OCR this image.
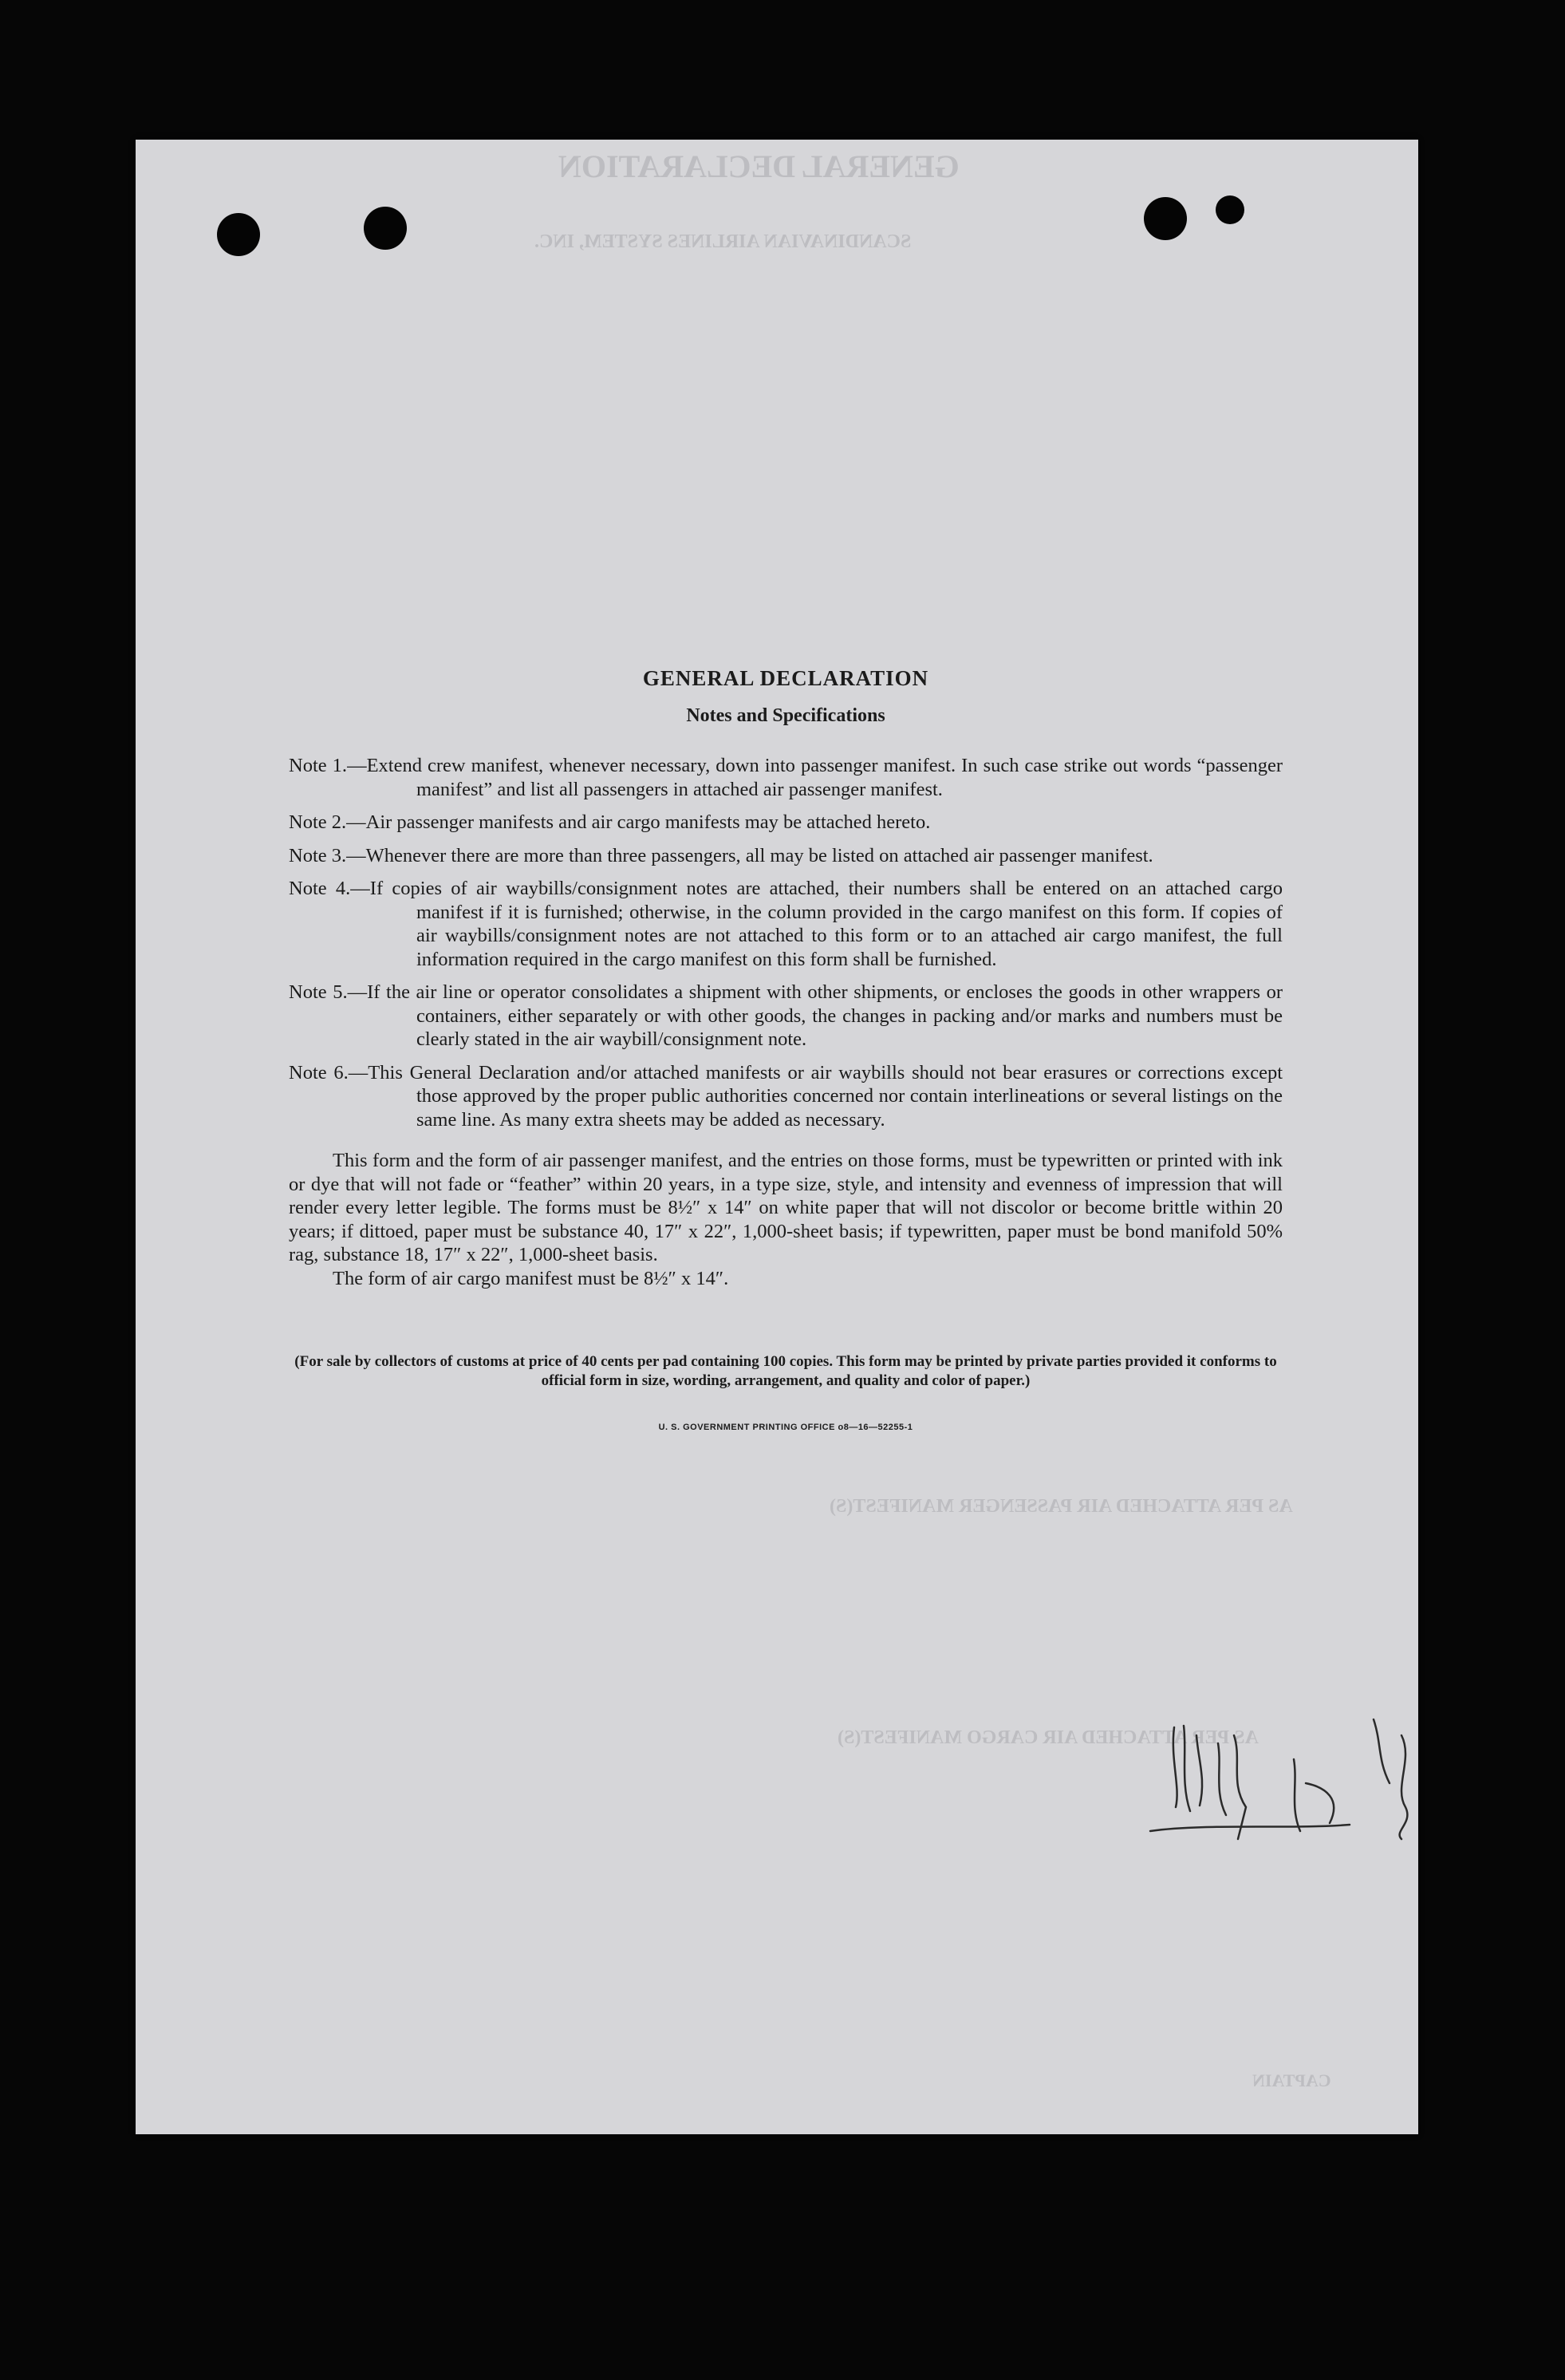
GENERAL DECLARATION
SCANDINAVIAN AIRLINES SYSTEM, INC.
AS PER ATTACHED AIR PASSENGER MANIFEST(S)
AS PER ATTACHED AIR CARGO MANIFEST(S)
CAPTAIN
GENERAL DECLARATION
Notes and Specifications
Note 1.—Extend crew manifest, whenever necessary, down into passenger manifest. In such case strike out words “passenger manifest” and list all passengers in attached air passenger manifest.
Note 2.—Air passenger manifests and air cargo manifests may be attached hereto.
Note 3.—Whenever there are more than three passengers, all may be listed on attached air passenger manifest.
Note 4.—If copies of air waybills/consignment notes are attached, their numbers shall be entered on an attached cargo manifest if it is furnished; otherwise, in the column provided in the cargo manifest on this form. If copies of air waybills/consignment notes are not attached to this form or to an attached air cargo manifest, the full information required in the cargo manifest on this form shall be furnished.
Note 5.—If the air line or operator consolidates a shipment with other shipments, or encloses the goods in other wrappers or containers, either separately or with other goods, the changes in packing and/or marks and numbers must be clearly stated in the air waybill/consignment note.
Note 6.—This General Declaration and/or attached manifests or air waybills should not bear erasures or corrections except those approved by the proper public authorities concerned nor contain interlineations or several listings on the same line. As many extra sheets may be added as necessary.
This form and the form of air passenger manifest, and the entries on those forms, must be typewritten or printed with ink or dye that will not fade or “feather” within 20 years, in a type size, style, and intensity and evenness of impression that will render every letter legible. The forms must be 8½″ x 14″ on white paper that will not discolor or become brittle within 20 years; if dittoed, paper must be substance 40, 17″ x 22″, 1,000-sheet basis; if typewritten, paper must be bond manifold 50% rag, substance 18, 17″ x 22″, 1,000-sheet basis.
The form of air cargo manifest must be 8½″ x 14″.
(For sale by collectors of customs at price of 40 cents per pad containing 100 copies. This form may be printed by private parties provided it conforms to official form in size, wording, arrangement, and quality and color of paper.)
U. S. GOVERNMENT PRINTING OFFICE o8—16—52255-1
